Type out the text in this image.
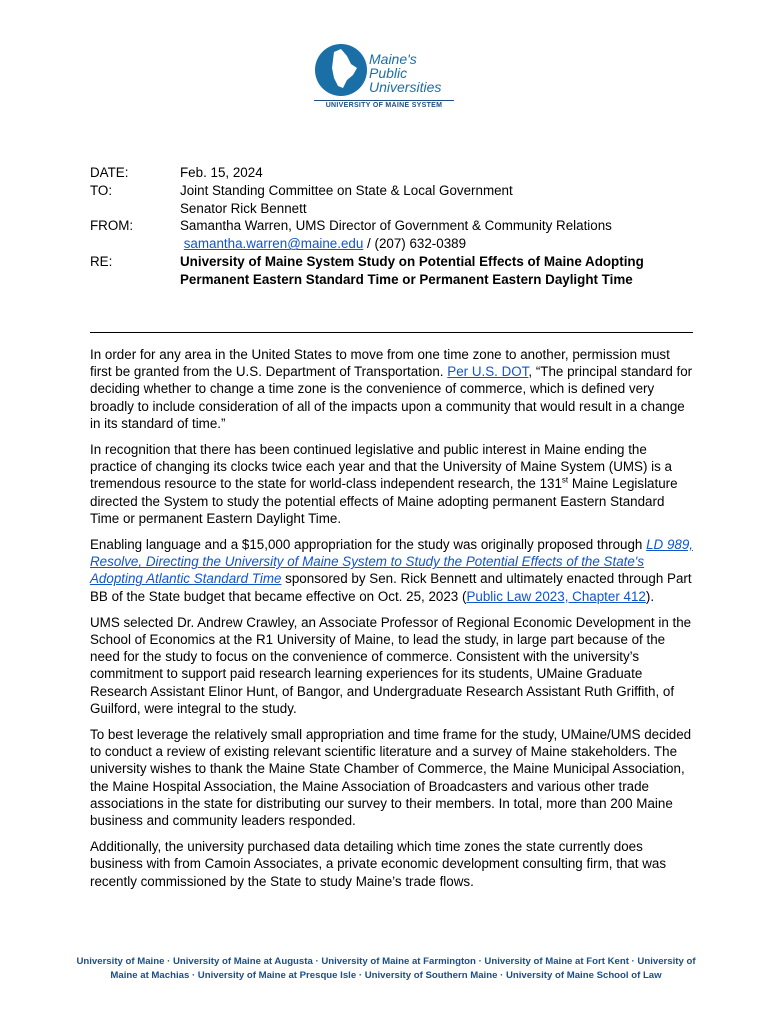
Maine's
Public
Universities
UNIVERSITY OF MAINE SYSTEM
DATE:	Feb. 15, 2024
TO:	Joint Standing Committee on State & Local Government
Senator Rick Bennett
FROM:	Samantha Warren, UMS Director of Government & Community Relations
samantha.warren@maine.edu / (207) 632-0389
RE:	University of Maine System Study on Potential Effects of Maine Adopting Permanent Eastern Standard Time or Permanent Eastern Daylight Time

In order for any area in the United States to move from one time zone to another, permission must first be granted from the U.S. Department of Transportation. Per U.S. DOT, “The principal standard for deciding whether to change a time zone is the convenience of commerce, which is defined very broadly to include consideration of all of the impacts upon a community that would result in a change in its standard of time.”

In recognition that there has been continued legislative and public interest in Maine ending the practice of changing its clocks twice each year and that the University of Maine System (UMS) is a tremendous resource to the state for world-class independent research, the 131st Maine Legislature directed the System to study the potential effects of Maine adopting permanent Eastern Standard Time or permanent Eastern Daylight Time.

Enabling language and a $15,000 appropriation for the study was originally proposed through LD 989, Resolve, Directing the University of Maine System to Study the Potential Effects of the State's Adopting Atlantic Standard Time sponsored by Sen. Rick Bennett and ultimately enacted through Part BB of the State budget that became effective on Oct. 25, 2023 (Public Law 2023, Chapter 412).

UMS selected Dr. Andrew Crawley, an Associate Professor of Regional Economic Development in the School of Economics at the R1 University of Maine, to lead the study, in large part because of the need for the study to focus on the convenience of commerce. Consistent with the university’s commitment to support paid research learning experiences for its students, UMaine Graduate Research Assistant Elinor Hunt, of Bangor, and Undergraduate Research Assistant Ruth Griffith, of Guilford, were integral to the study.

To best leverage the relatively small appropriation and time frame for the study, UMaine/UMS decided to conduct a review of existing relevant scientific literature and a survey of Maine stakeholders. The university wishes to thank the Maine State Chamber of Commerce, the Maine Municipal Association, the Maine Hospital Association, the Maine Association of Broadcasters and various other trade associations in the state for distributing our survey to their members. In total, more than 200 Maine business and community leaders responded.

Additionally, the university purchased data detailing which time zones the state currently does business with from Camoin Associates, a private economic development consulting firm, that was recently commissioned by the State to study Maine’s trade flows.

University of Maine · University of Maine at Augusta · University of Maine at Farmington · University of Maine at Fort Kent · University of Maine at Machias · University of Maine at Presque Isle · University of Southern Maine · University of Maine School of Law
